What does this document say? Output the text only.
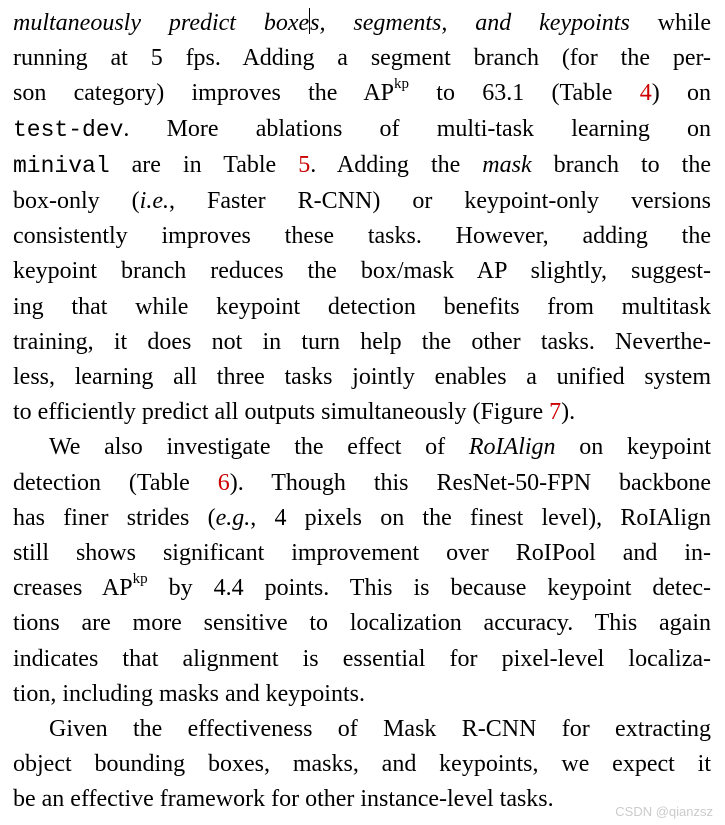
multaneously predict boxes, segments, and keypoints while
running at 5 fps. Adding a segment branch (for the per-
son category) improves the $AP^{kp}$ to 63.1 (Table 4) on
test-dev. More ablations of multi-task learning on
minival are in Table 5. Adding the mask branch to the
box-only (i.e., Faster R-CNN) or keypoint-only versions
consistently improves these tasks. However, adding the
keypoint branch reduces the box/mask AP slightly, suggest-
ing that while keypoint detection benefits from multitask
training, it does not in turn help the other tasks. Neverthe-
less, learning all three tasks jointly enables a unified system
to efficiently predict all outputs simultaneously (Figure 7).
We also investigate the effect of RoIAlign on keypoint
detection (Table 6). Though this ResNet-50-FPN backbone
has finer strides (e.g., 4 pixels on the finest level), RoIAlign
still shows significant improvement over RoIPool and in-
creases $AP^{kp}$ by 4.4 points. This is because keypoint detec-
tions are more sensitive to localization accuracy. This again
indicates that alignment is essential for pixel-level localiza-
tion, including masks and keypoints.
Given the effectiveness of Mask R-CNN for extracting
object bounding boxes, masks, and keypoints, we expect it
be an effective framework for other instance-level tasks.	CSDN @qianzsz
